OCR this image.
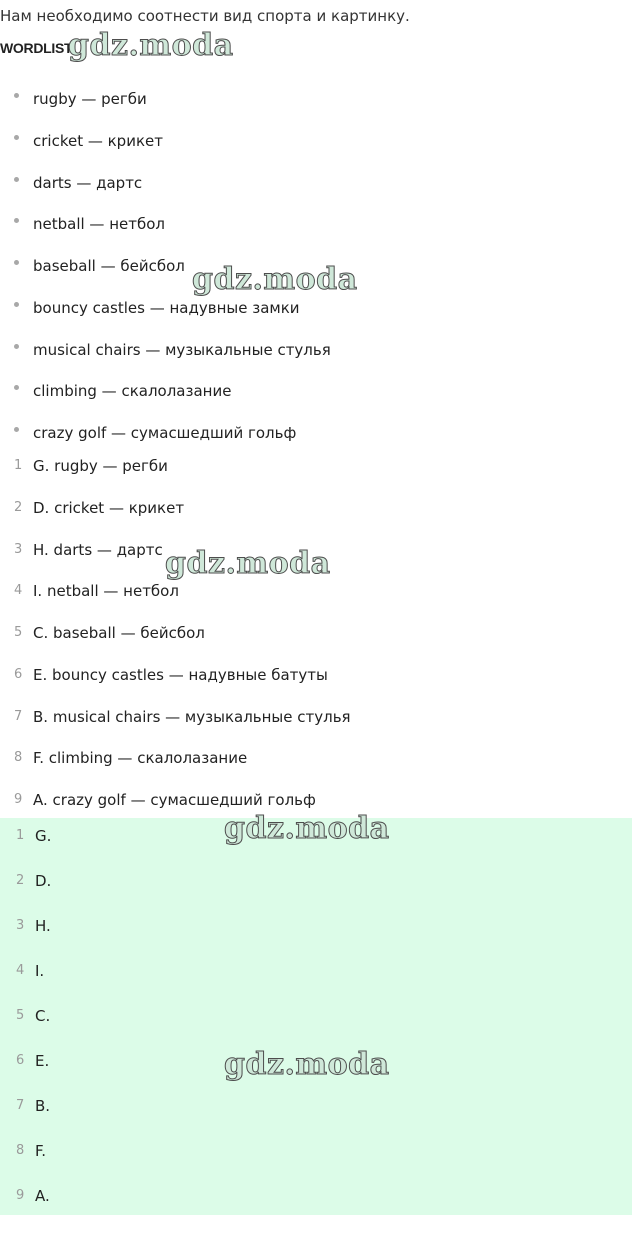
Нам необходимо соотнести вид спорта и картинку.
WORDLIST
rugby — регби
cricket — крикет
darts — дартс
netball — нетбол
baseball — бейсбол
bouncy castles — надувные замки
musical chairs — музыкальные стулья
climbing — скалолазание
crazy golf — сумасшедший гольф
1 G. rugby — регби
2 D. cricket — крикет
3 H. darts — дартс
4 I. netball — нетбол
5 C. baseball — бейсбол
6 E. bouncy castles — надувные батуты
7 B. musical chairs — музыкальные стулья
8 F. climbing — скалолазание
9 A. crazy golf — сумасшедший гольф
1 G.
2 D.
3 H.
4 I.
5 C.
6 E.
7 B.
8 F.
9 A.
gdz.moda
gdz.moda
gdz.moda
gdz.moda
gdz.moda
